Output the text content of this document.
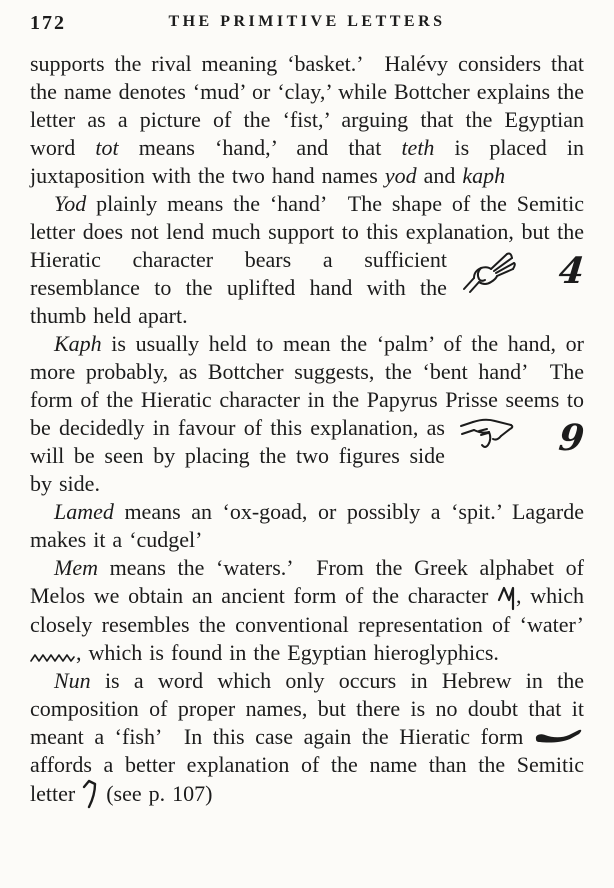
172	THE PRIMITIVE LETTERS

supports the rival meaning ‘basket.’  Halévy considers that the name denotes ‘mud’ or ‘clay,’ while Bottcher explains the letter as a picture of the ‘fist,’ arguing that the Egyptian word tot means ‘hand,’ and that teth is placed in juxtaposition with the two hand names yod and kaph

Yod plainly means the ‘hand’  The shape of the Semitic letter does not lend much support to this explanation, but the Hieratic character bears a	4
sufficient resemblance to the uplifted hand with the thumb held apart.

Kaph is usually held to mean the ‘palm’ of the hand, or more probably, as Bottcher suggests, the ‘bent hand’  The form of the Hieratic character in the Papyrus Prisse seems to be decidedly in favour	9
of this explanation, as will be seen by placing the two figures side by side.

Lamed means an ‘ox-goad, or possibly a ‘spit.’ Lagarde makes it a ‘cudgel’

Mem means the ‘waters.’  From the Greek alphabet of Melos we obtain an ancient form of the character , which closely resembles the conventional representation of ‘water’ , which is found in the Egyptian hieroglyphics.

Nun is a word which only occurs in Hebrew in the composition of proper names, but there is no doubt that it meant a ‘fish’  In this case again the Hieratic form  affords a better explanation of the name than the Semitic letter  (see p. 107)
